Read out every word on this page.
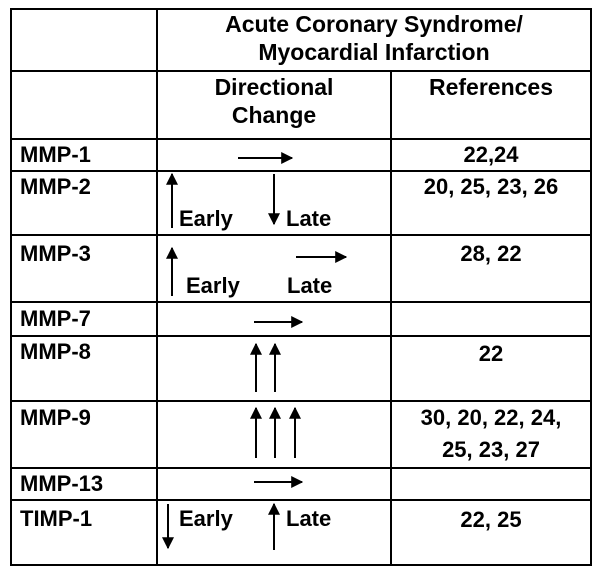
Acute Coronary Syndrome/
Myocardial Infarction
Directional
Change
References
MMP-1
MMP-2
MMP-3
MMP-7
MMP-8
MMP-9
MMP-13
TIMP-1
22,24
20, 25, 23, 26
28, 22
22
30, 20, 22, 24,
25, 23, 27
22, 25
Early Late
Early Late
Early Late
